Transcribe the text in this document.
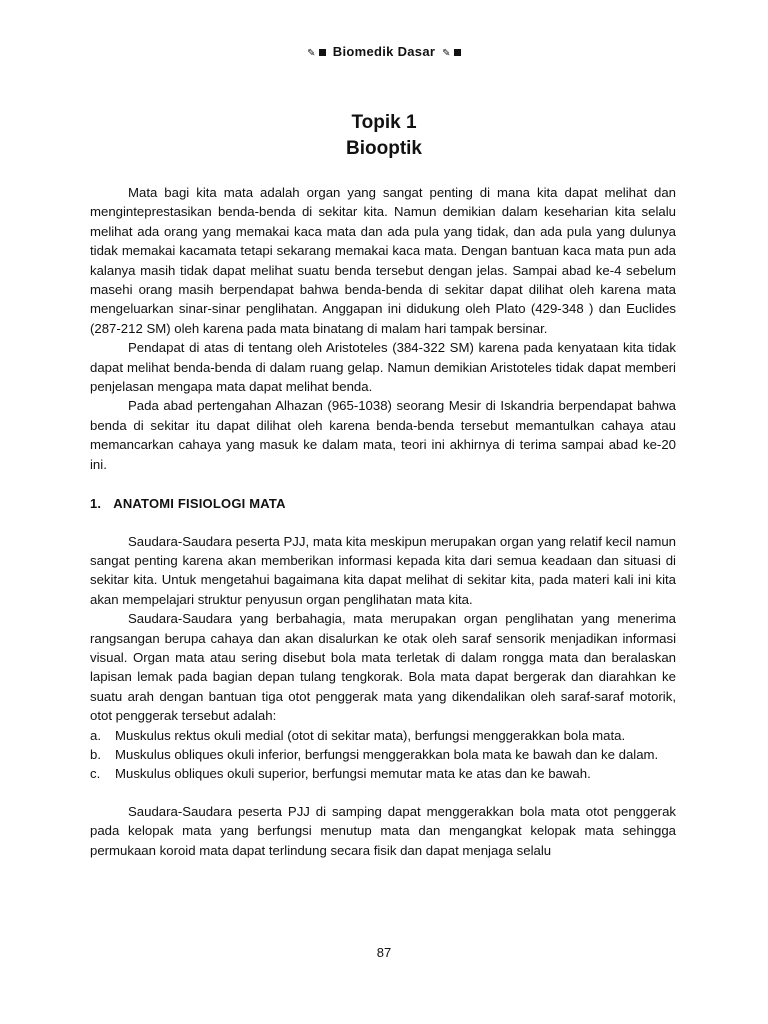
✎ Biomedik Dasar ✎
Topik 1
Biooptik

Mata bagi kita mata adalah organ yang sangat penting di mana kita dapat melihat dan menginteprestasikan benda-benda di sekitar kita. Namun demikian dalam keseharian kita selalu melihat ada orang yang memakai kaca mata dan ada pula yang tidak, dan ada pula yang dulunya tidak memakai kacamata tetapi sekarang memakai kaca mata. Dengan bantuan kaca mata pun ada kalanya masih tidak dapat melihat suatu benda tersebut dengan jelas. Sampai abad ke-4 sebelum masehi orang masih berpendapat bahwa benda-benda di sekitar dapat dilihat oleh karena mata mengeluarkan sinar-sinar penglihatan. Anggapan ini didukung oleh Plato (429-348 ) dan Euclides (287-212 SM) oleh karena pada mata binatang di malam hari tampak bersinar.

Pendapat di atas di tentang oleh Aristoteles (384-322 SM) karena pada kenyataan kita tidak dapat melihat benda-benda di dalam ruang gelap. Namun demikian Aristoteles tidak dapat memberi penjelasan mengapa mata dapat melihat benda.

Pada abad pertengahan Alhazan (965-1038) seorang Mesir di Iskandria berpendapat bahwa benda di sekitar itu dapat dilihat oleh karena benda-benda tersebut memantulkan cahaya atau memancarkan cahaya yang masuk ke dalam mata, teori ini akhirnya di terima sampai abad ke-20 ini.

1. ANATOMI FISIOLOGI MATA

Saudara-Saudara peserta PJJ, mata kita meskipun merupakan organ yang relatif kecil namun sangat penting karena akan memberikan informasi kepada kita dari semua keadaan dan situasi di sekitar kita. Untuk mengetahui bagaimana kita dapat melihat di sekitar kita, pada materi kali ini kita akan mempelajari struktur penyusun organ penglihatan mata kita.

Saudara-Saudara yang berbahagia, mata merupakan organ penglihatan yang menerima rangsangan berupa cahaya dan akan disalurkan ke otak oleh saraf sensorik menjadikan informasi visual. Organ mata atau sering disebut bola mata terletak di dalam rongga mata dan beralaskan lapisan lemak pada bagian depan tulang tengkorak. Bola mata dapat bergerak dan diarahkan ke suatu arah dengan bantuan tiga otot penggerak mata yang dikendalikan oleh saraf-saraf motorik, otot penggerak tersebut adalah:

a.	Muskulus rektus okuli medial (otot di sekitar mata), berfungsi menggerakkan bola mata.
b.	Muskulus obliques okuli inferior, berfungsi menggerakkan bola mata ke bawah dan ke dalam.
c.	Muskulus obliques okuli superior, berfungsi memutar mata ke atas dan ke bawah.

Saudara-Saudara peserta PJJ di samping dapat menggerakkan bola mata otot penggerak pada kelopak mata yang berfungsi menutup mata dan mengangkat kelopak mata sehingga permukaan koroid mata dapat terlindung secara fisik dan dapat menjaga selalu

87
